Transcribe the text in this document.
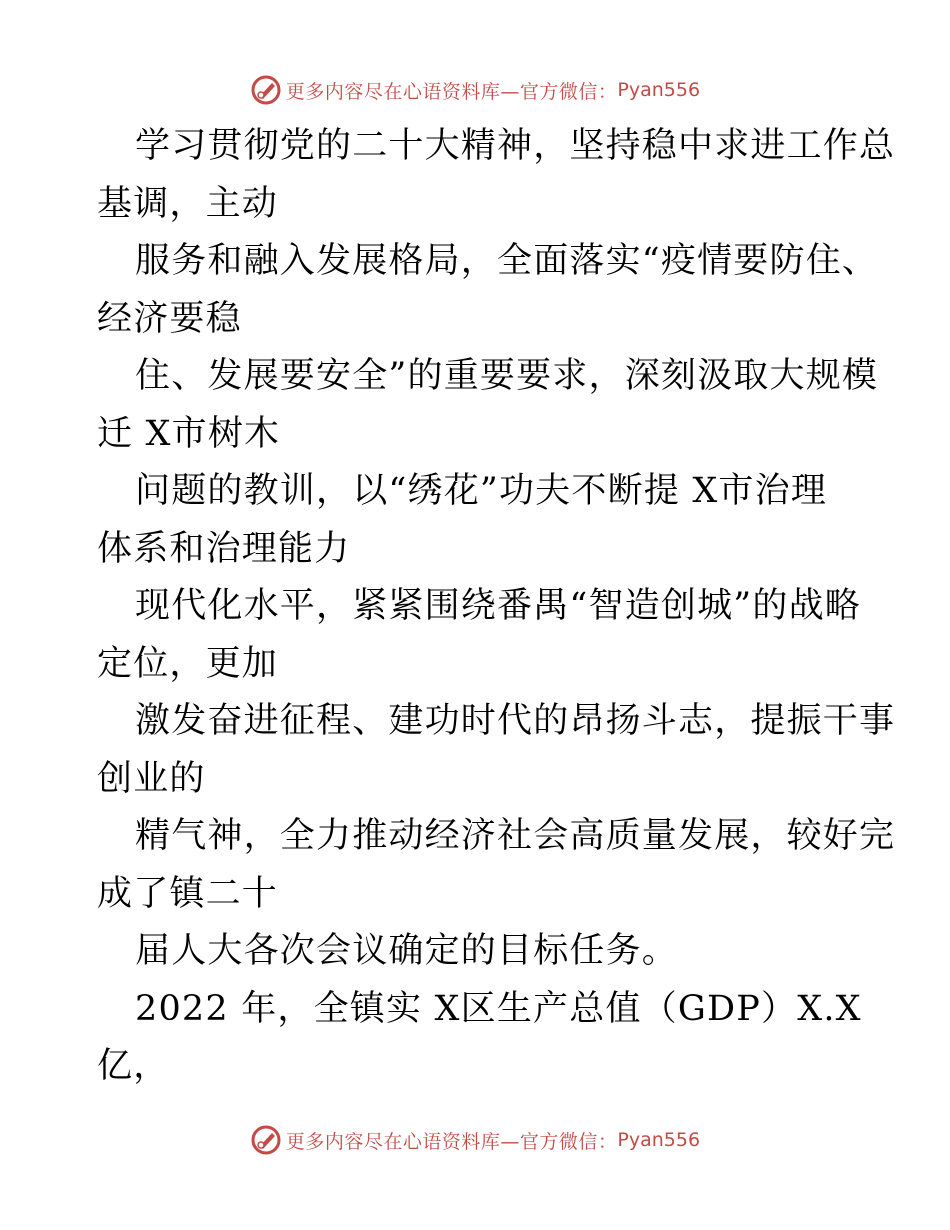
更多内容尽在心语资料库—官方微信： Pyan556
学习贯彻党的二十大精神，坚持稳中求进工作总
基调，主动
服务和融入发展格局，全面落实“疫情要防住、
经济要稳
住、发展要安全”的重要要求，深刻汲取大规模
迁 X市树木
问题的教训，以“绣花”功夫不断提 X市治理
体系和治理能力
现代化水平，紧紧围绕番禺“智造创城”的战略
定位，更加
激发奋进征程、建功时代的昂扬斗志，提振干事
创业的
精气神，全力推动经济社会高质量发展，较好完
成了镇二十
届人大各次会议确定的目标任务。
2022 年，全镇实 X区生产总值（GDP）X.X
亿，
更多内容尽在心语资料库—官方微信： Pyan556
